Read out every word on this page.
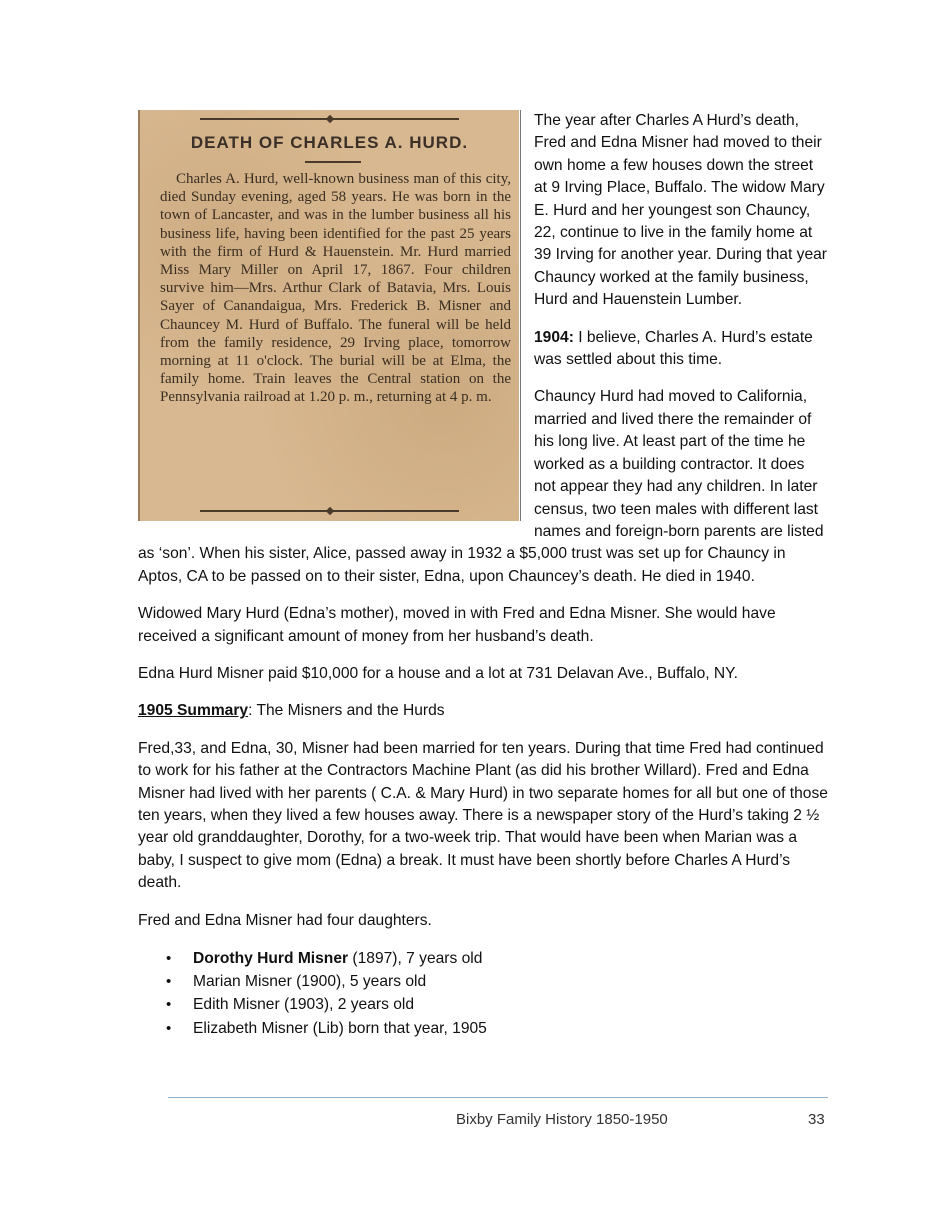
DEATH OF CHARLES A. HURD.
Charles A. Hurd, well-known business man of this city, died Sunday evening, aged 58 years. He was born in the town of Lancaster, and was in the lumber business all his business life, having been identified for the past 25 years with the firm of Hurd & Hauenstein. Mr. Hurd married Miss Mary Miller on April 17, 1867. Four children survive him—Mrs. Arthur Clark of Batavia, Mrs. Louis Sayer of Canandaigua, Mrs. Frederick B. Misner and Chauncey M. Hurd of Buffalo. The funeral will be held from the family residence, 29 Irving place, tomorrow morning at 11 o'clock. The burial will be at Elma, the family home. Train leaves the Central station on the Pennsylvania railroad at 1.20 p. m., returning at 4 p. m.

The year after Charles A Hurd’s death, Fred and Edna Misner had moved to their own home a few houses down the street at 9 Irving Place, Buffalo. The widow Mary E. Hurd and her youngest son Chauncy, 22, continue to live in the family home at 39 Irving for another year. During that year Chauncy worked at the family business, Hurd and Hauenstein Lumber.

1904: I believe, Charles A. Hurd’s estate was settled about this time.

Chauncy Hurd had moved to California, married and lived there the remainder of his long live. At least part of the time he worked as a building contractor. It does not appear they had any children. In later census, two teen males with different last names and foreign-born parents are listed as ‘son’. When his sister, Alice, passed away in 1932 a $5,000 trust was set up for Chauncy in Aptos, CA to be passed on to their sister, Edna, upon Chauncey’s death. He died in 1940.

Widowed Mary Hurd (Edna’s mother), moved in with Fred and Edna Misner. She would have received a significant amount of money from her husband’s death.

Edna Hurd Misner paid $10,000 for a house and a lot at 731 Delavan Ave., Buffalo, NY.

1905 Summary: The Misners and the Hurds

Fred,33, and Edna, 30, Misner had been married for ten years. During that time Fred had continued to work for his father at the Contractors Machine Plant (as did his brother Willard). Fred and Edna Misner had lived with her parents ( C.A. & Mary Hurd) in two separate homes for all but one of those ten years, when they lived a few houses away. There is a newspaper story of the Hurd’s taking 2 ½ year old granddaughter, Dorothy, for a two-week trip. That would have been when Marian was a baby, I suspect to give mom (Edna) a break. It must have been shortly before Charles A Hurd’s death.

Fred and Edna Misner had four daughters.

• Dorothy Hurd Misner (1897), 7 years old
• Marian Misner (1900), 5 years old
• Edith Misner (1903), 2 years old
• Elizabeth Misner (Lib) born that year, 1905
Bixby Family History 1850-1950	33
